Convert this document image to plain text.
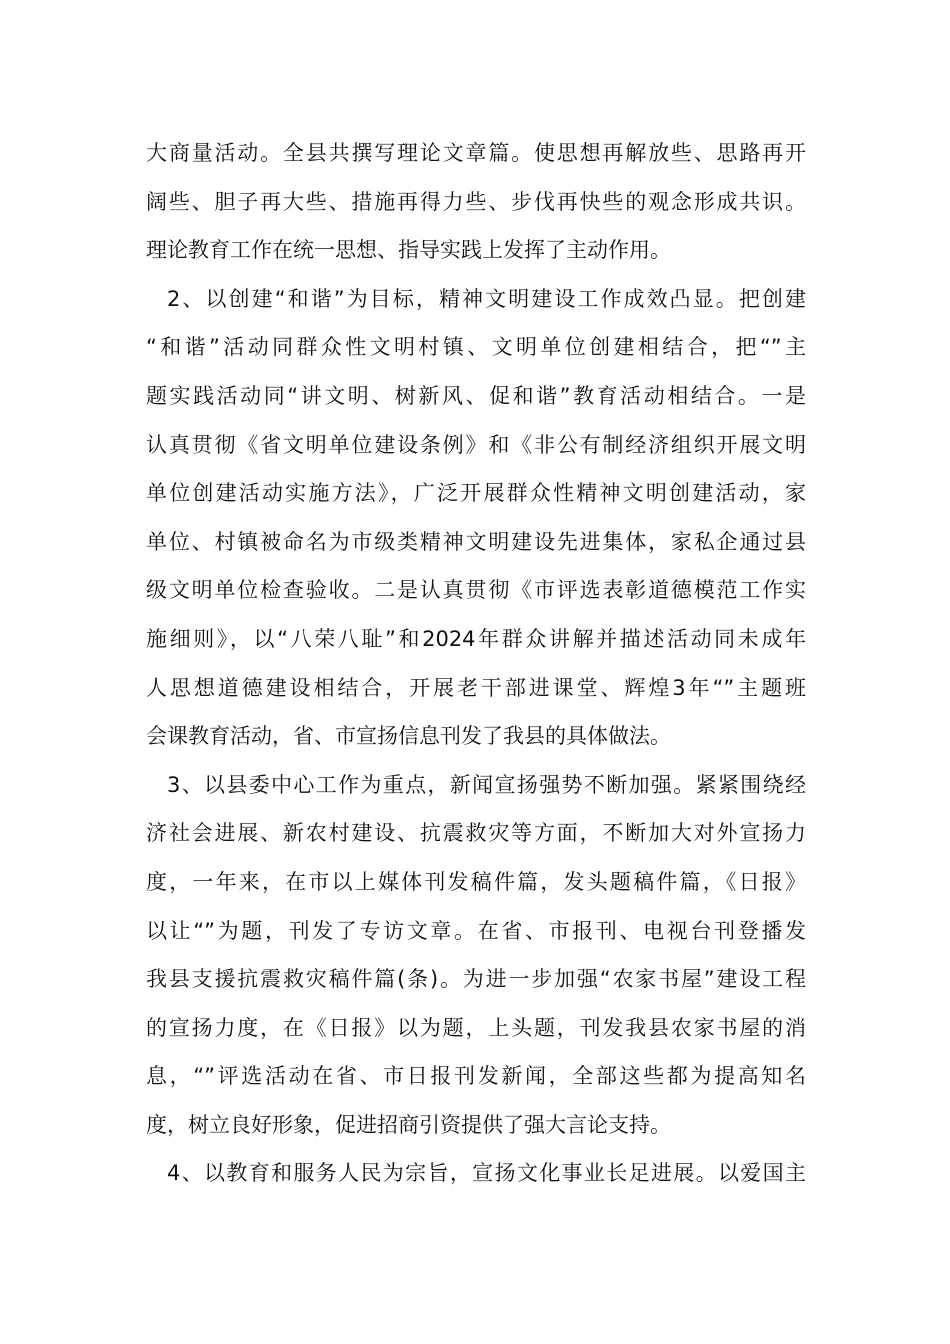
大商量活动。全县共撰写理论文章篇。使思想再解放些、思路再开
阔些、胆子再大些、措施再得力些、步伐再快些的观念形成共识。
理论教育工作在统一思想、指导实践上发挥了主动作用。
2、以创建“和谐”为目标，精神文明建设工作成效凸显。把创建
“和谐”活动同群众性文明村镇、文明单位创建相结合，把“”主
题实践活动同“讲文明、树新风、促和谐”教育活动相结合。一是
认真贯彻《省文明单位建设条例》和《非公有制经济组织开展文明
单位创建活动实施方法》，广泛开展群众性精神文明创建活动，家
单位、村镇被命名为市级类精神文明建设先进集体，家私企通过县
级文明单位检查验收。二是认真贯彻《市评选表彰道德模范工作实
施细则》，以“八荣八耻”和2024年群众讲解并描述活动同未成年
人思想道德建设相结合，开展老干部进课堂、辉煌3年“”主题班
会课教育活动，省、市宣扬信息刊发了我县的具体做法。
3、以县委中心工作为重点，新闻宣扬强势不断加强。紧紧围绕经
济社会进展、新农村建设、抗震救灾等方面，不断加大对外宣扬力
度，一年来，在市以上媒体刊发稿件篇，发头题稿件篇，《日报》
以让“”为题，刊发了专访文章。在省、市报刊、电视台刊登播发
我县支援抗震救灾稿件篇(条)。为进一步加强“农家书屋”建设工程
的宣扬力度，在《日报》以为题，上头题，刊发我县农家书屋的消
息，“”评选活动在省、市日报刊发新闻，全部这些都为提高知名
度，树立良好形象，促进招商引资提供了强大言论支持。
4、以教育和服务人民为宗旨，宣扬文化事业长足进展。以爱国主
